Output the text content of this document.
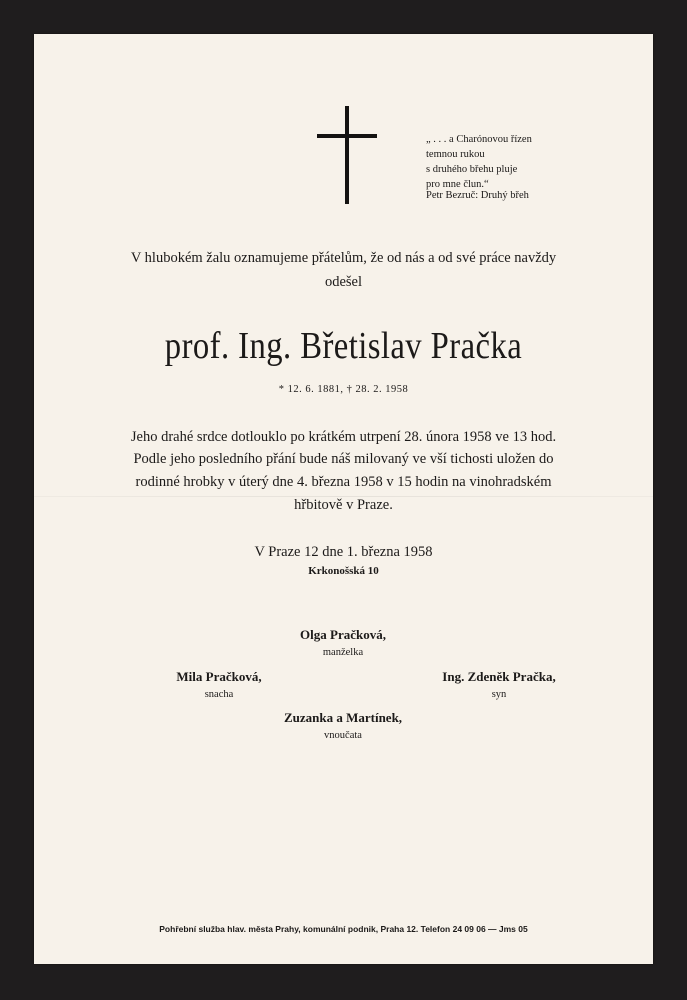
„ . . . a Charónovou řízen
temnou rukou
s druhého břehu pluje
pro mne člun.“
Petr Bezruč: Druhý břeh
V hlubokém žalu oznamujeme přátelům, že od nás a od své práce navždy
odešel
prof. Ing. Břetislav Pračka
* 12. 6. 1881, † 28. 2. 1958
Jeho drahé srdce dotlouklo po krátkém utrpení 28. února 1958 ve 13 hod.
Podle jeho posledního přání bude náš milovaný ve vší tichosti uložen do
rodinné hrobky v úterý dne 4. března 1958 v 15 hodin na vinohradském
hřbitově v Praze.
V Praze 12 dne 1. března 1958
Krkonošská 10
Olga Pračková,
manželka
Mila Pračková,
snacha
Ing. Zdeněk Pračka,
syn
Zuzanka a Martínek,
vnoučata
Pohřební služba hlav. města Prahy, komunální podnik, Praha 12. Telefon 24 09 06 — Jms 05
